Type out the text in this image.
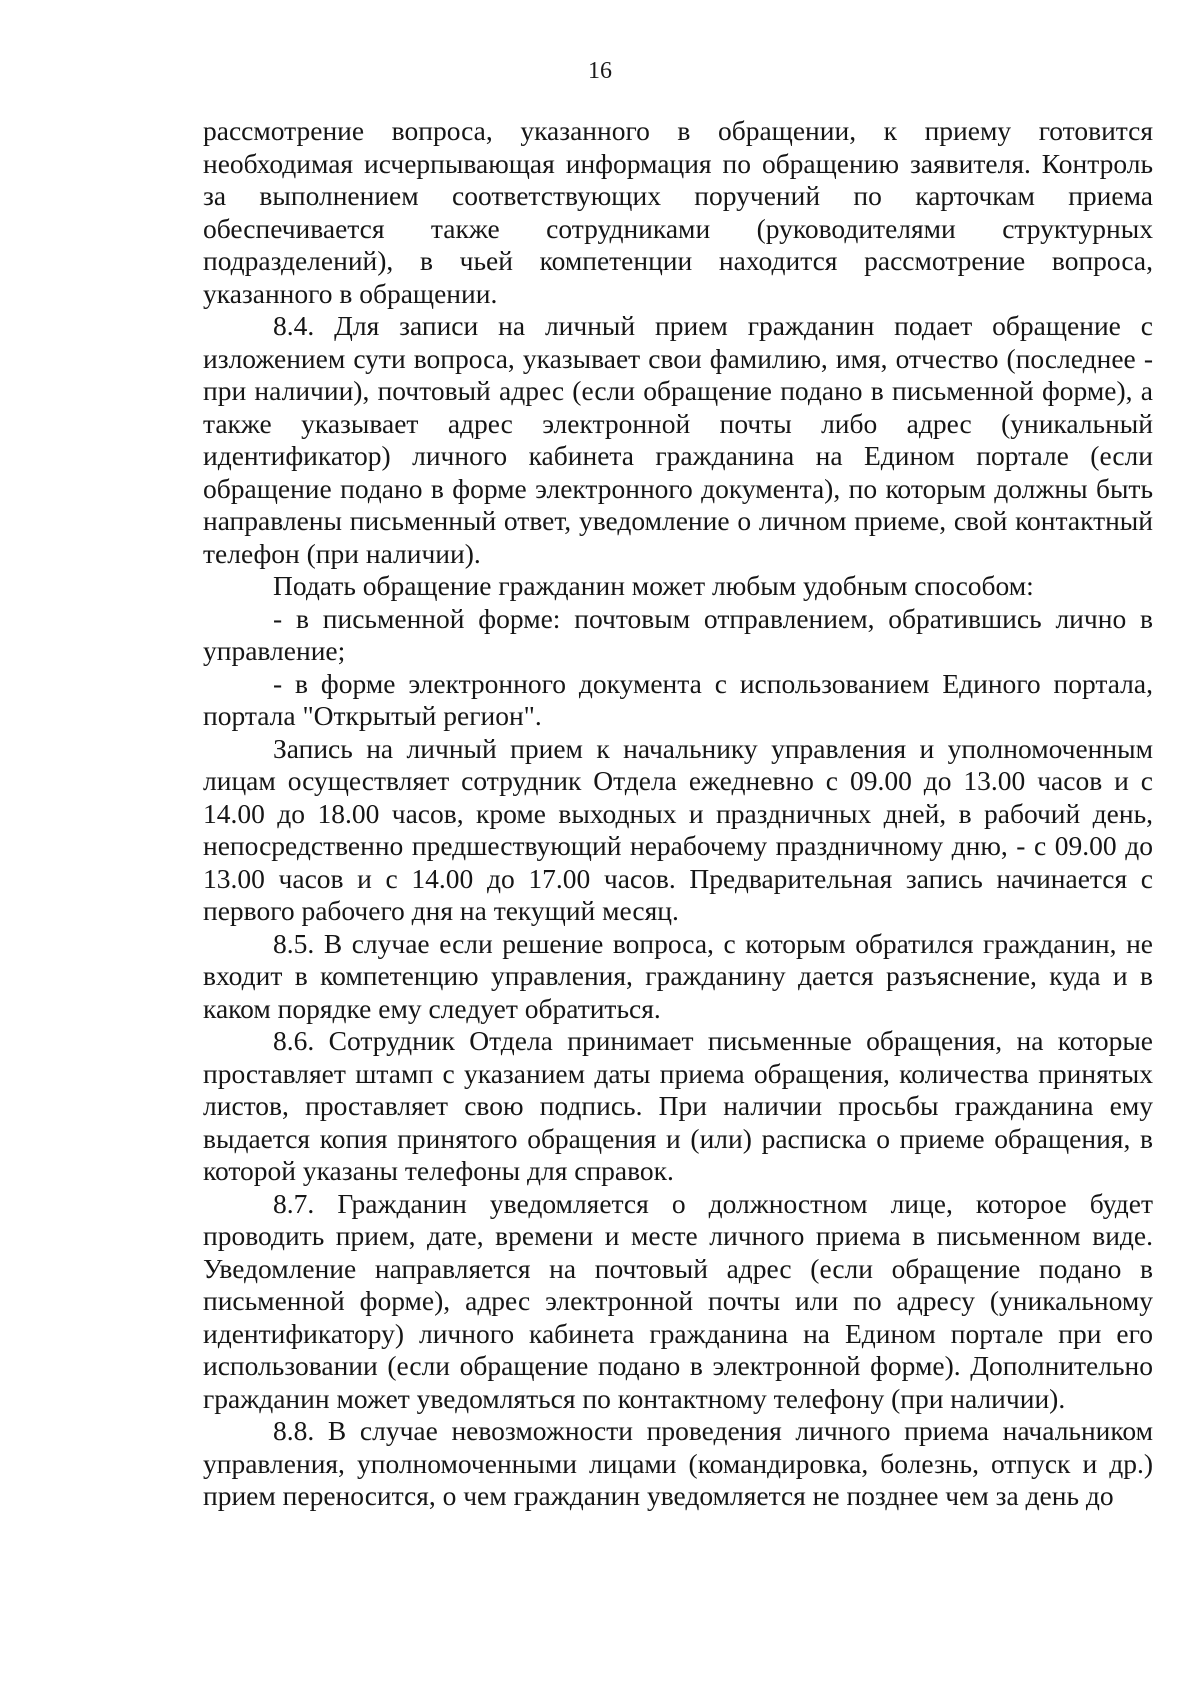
16

рассмотрение вопроса, указанного в обращении, к приему готовится необходимая исчерпывающая информация по обращению заявителя. Контроль за выполнением соответствующих поручений по карточкам приема обеспечивается также сотрудниками (руководителями структурных подразделений), в чьей компетенции находится рассмотрение вопроса, указанного в обращении.

8.4. Для записи на личный прием гражданин подает обращение с изложением сути вопроса, указывает свои фамилию, имя, отчество (последнее - при наличии), почтовый адрес (если обращение подано в письменной форме), а также указывает адрес электронной почты либо адрес (уникальный идентификатор) личного кабинета гражданина на Едином портале (если обращение подано в форме электронного документа), по которым должны быть направлены письменный ответ, уведомление о личном приеме, свой контактный телефон (при наличии).

Подать обращение гражданин может любым удобным способом:

- в письменной форме: почтовым отправлением, обратившись лично в управление;

- в форме электронного документа с использованием Единого портала, портала "Открытый регион".

Запись на личный прием к начальнику управления и уполномоченным лицам осуществляет сотрудник Отдела ежедневно с 09.00 до 13.00 часов и с 14.00 до 18.00 часов, кроме выходных и праздничных дней, в рабочий день, непосредственно предшествующий нерабочему праздничному дню, - с 09.00 до 13.00 часов и с 14.00 до 17.00 часов. Предварительная запись начинается с первого рабочего дня на текущий месяц.

8.5. В случае если решение вопроса, с которым обратился гражданин, не входит в компетенцию управления, гражданину дается разъяснение, куда и в каком порядке ему следует обратиться.

8.6. Сотрудник Отдела принимает письменные обращения, на которые проставляет штамп с указанием даты приема обращения, количества принятых листов, проставляет свою подпись. При наличии просьбы гражданина ему выдается копия принятого обращения и (или) расписка о приеме обращения, в которой указаны телефоны для справок.

8.7. Гражданин уведомляется о должностном лице, которое будет проводить прием, дате, времени и месте личного приема в письменном виде. Уведомление направляется на почтовый адрес (если обращение подано в письменной форме), адрес электронной почты или по адресу (уникальному идентификатору) личного кабинета гражданина на Едином портале при его использовании (если обращение подано в электронной форме). Дополнительно гражданин может уведомляться по контактному телефону (при наличии).

8.8. В случае невозможности проведения личного приема начальником управления, уполномоченными лицами (командировка, болезнь, отпуск и др.) прием переносится, о чем гражданин уведомляется не позднее чем за день до
